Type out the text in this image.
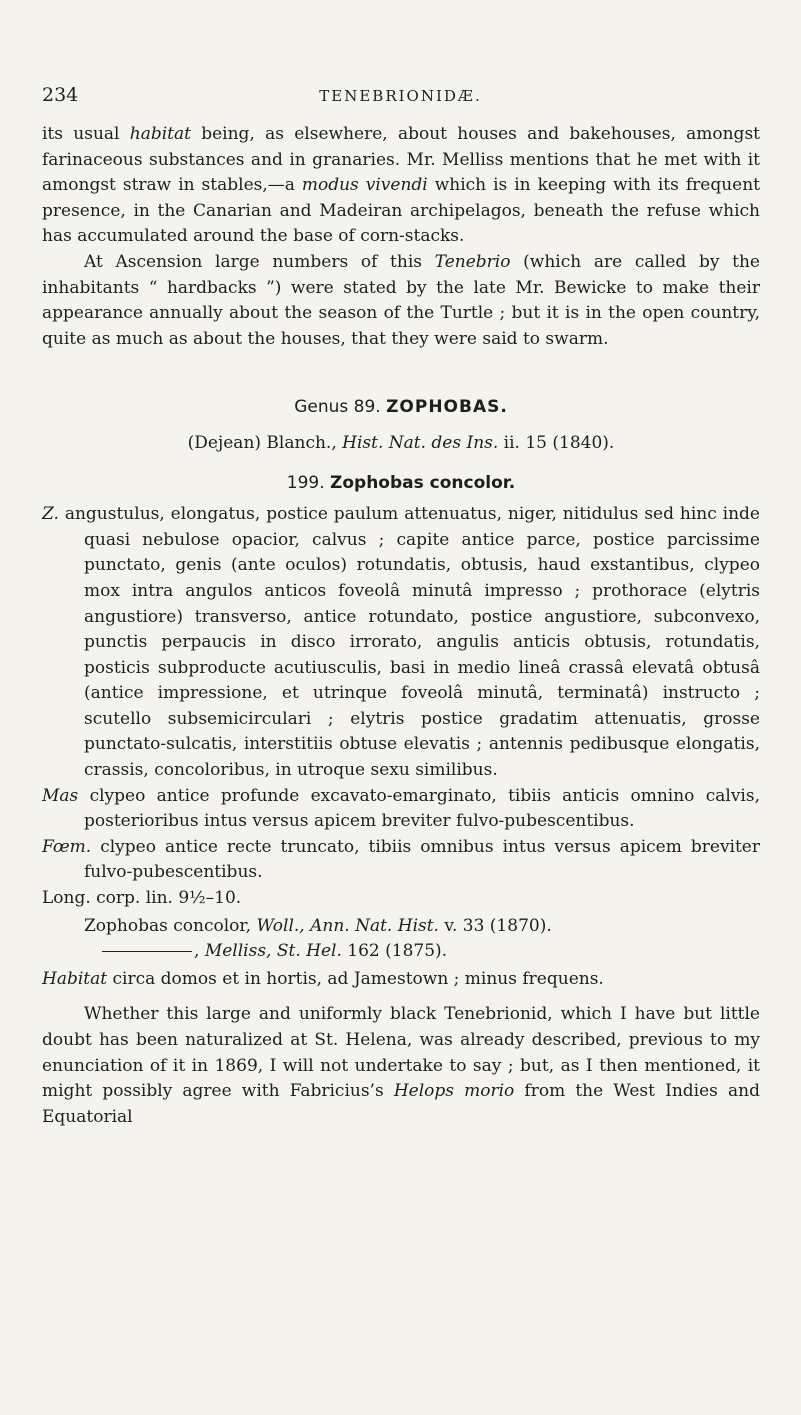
234	TENEBRIONIDÆ.

its usual habitat being, as elsewhere, about houses and bakehouses, amongst farinaceous substances and in granaries. Mr. Melliss mentions that he met with it amongst straw in stables,—a modus vivendi which is in keeping with its frequent presence, in the Canarian and Madeiran archipelagos, beneath the refuse which has accumulated around the base of corn-stacks.

At Ascension large numbers of this Tenebrio (which are called by the inhabitants “ hardbacks ”) were stated by the late Mr. Bewicke to make their appearance annually about the season of the Turtle ; but it is in the open country, quite as much as about the houses, that they were said to swarm.

Genus 89. ZOPHOBAS.

(Dejean) Blanch., Hist. Nat. des Ins. ii. 15 (1840).

199. Zophobas concolor.

Z. angustulus, elongatus, postice paulum attenuatus, niger, nitidulus sed hinc inde quasi nebulose opacior, calvus ; capite antice parce, postice parcissime punctato, genis (ante oculos) rotundatis, obtusis, haud exstantibus, clypeo mox intra angulos anticos foveolâ minutâ impresso ; prothorace (elytris angustiore) transverso, antice rotundato, postice angustiore, subconvexo, punctis perpaucis in disco irrorato, angulis anticis obtusis, rotundatis, posticis subproducte acutiusculis, basi in medio lineâ crassâ elevatâ obtusâ (antice impressione, et utrinque foveolâ minutâ, terminatâ) instructo ; scutello subsemicirculari ; elytris postice gradatim attenuatis, grosse punctato-sulcatis, interstitiis obtuse elevatis ; antennis pedibusque elongatis, crassis, concoloribus, in utroque sexu similibus.

Mas clypeo antice profunde excavato-emarginato, tibiis anticis omnino calvis, posterioribus intus versus apicem breviter fulvo-pubescentibus.

Fœm. clypeo antice recte truncato, tibiis omnibus intus versus apicem breviter fulvo-pubescentibus.

Long. corp. lin. 9½–10.

Zophobas concolor, Woll., Ann. Nat. Hist. v. 33 (1870).

, Melliss, St. Hel. 162 (1875).

Habitat circa domos et in hortis, ad Jamestown ; minus frequens.

Whether this large and uniformly black Tenebrionid, which I have but little doubt has been naturalized at St. Helena, was already described, previous to my enunciation of it in 1869, I will not undertake to say ; but, as I then mentioned, it might possibly agree with Fabricius’s Helops morio from the West Indies and Equatorial
